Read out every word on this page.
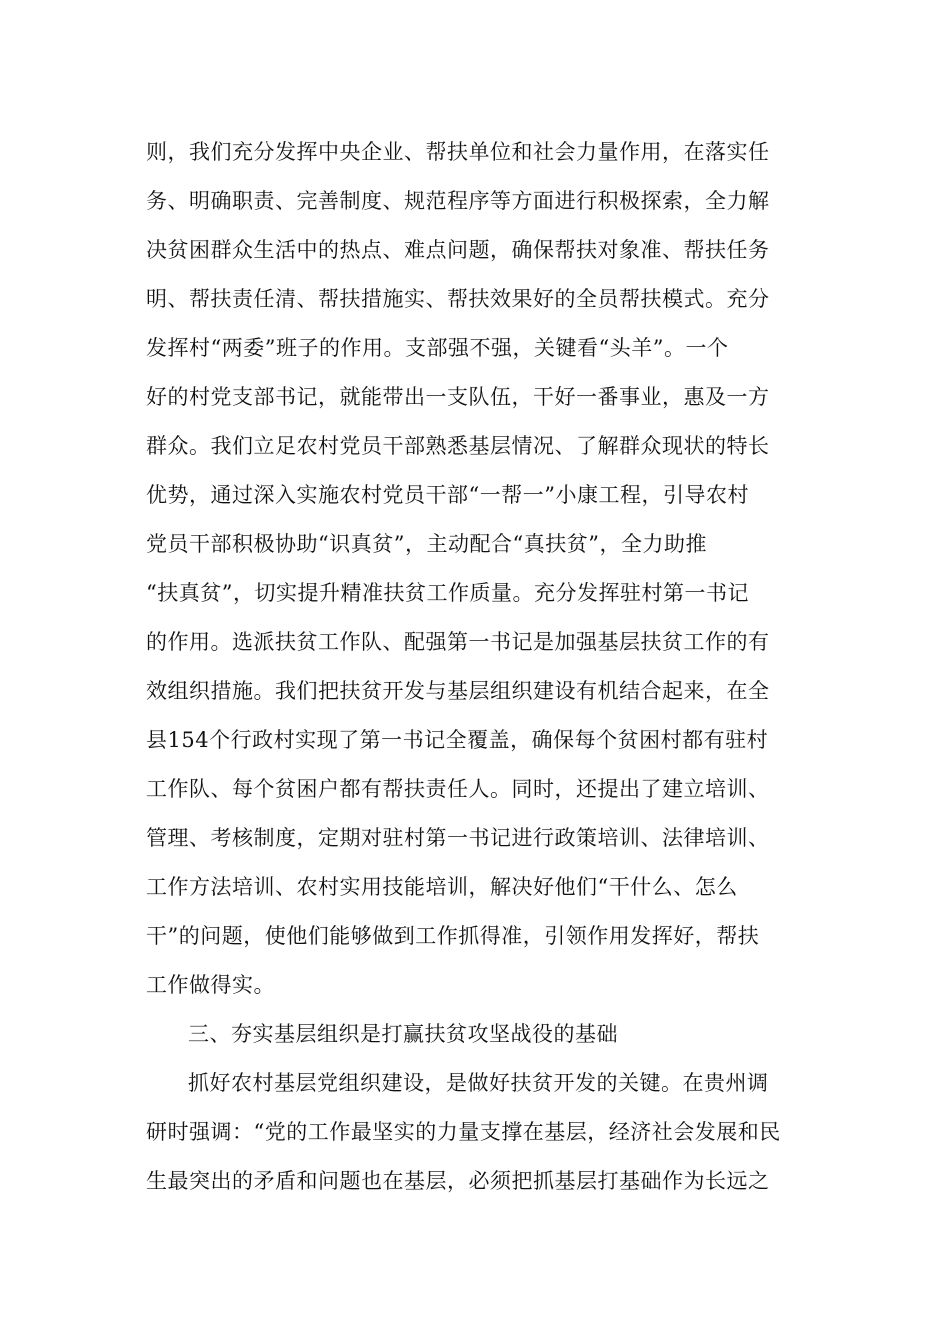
则，我们充分发挥中央企业、帮扶单位和社会力量作用，在落实任
务、明确职责、完善制度、规范程序等方面进行积极探索，全力解
决贫困群众生活中的热点、难点问题，确保帮扶对象准、帮扶任务
明、帮扶责任清、帮扶措施实、帮扶效果好的全员帮扶模式。充分
发挥村“两委”班子的作用。支部强不强，关键看“头羊”。一个
好的村党支部书记，就能带出一支队伍，干好一番事业，惠及一方
群众。我们立足农村党员干部熟悉基层情况、了解群众现状的特长
优势，通过深入实施农村党员干部“一帮一”小康工程，引导农村
党员干部积极协助“识真贫”，主动配合“真扶贫”，全力助推
“扶真贫”，切实提升精准扶贫工作质量。充分发挥驻村第一书记
的作用。选派扶贫工作队、配强第一书记是加强基层扶贫工作的有
效组织措施。我们把扶贫开发与基层组织建设有机结合起来，在全
县154个行政村实现了第一书记全覆盖，确保每个贫困村都有驻村
工作队、每个贫困户都有帮扶责任人。同时，还提出了建立培训、
管理、考核制度，定期对驻村第一书记进行政策培训、法律培训、
工作方法培训、农村实用技能培训，解决好他们“干什么、怎么
干”的问题，使他们能够做到工作抓得准，引领作用发挥好，帮扶
工作做得实。
三、夯实基层组织是打赢扶贫攻坚战役的基础
抓好农村基层党组织建设，是做好扶贫开发的关键。在贵州调
研时强调：“党的工作最坚实的力量支撑在基层，经济社会发展和民
生最突出的矛盾和问题也在基层，必须把抓基层打基础作为长远之
